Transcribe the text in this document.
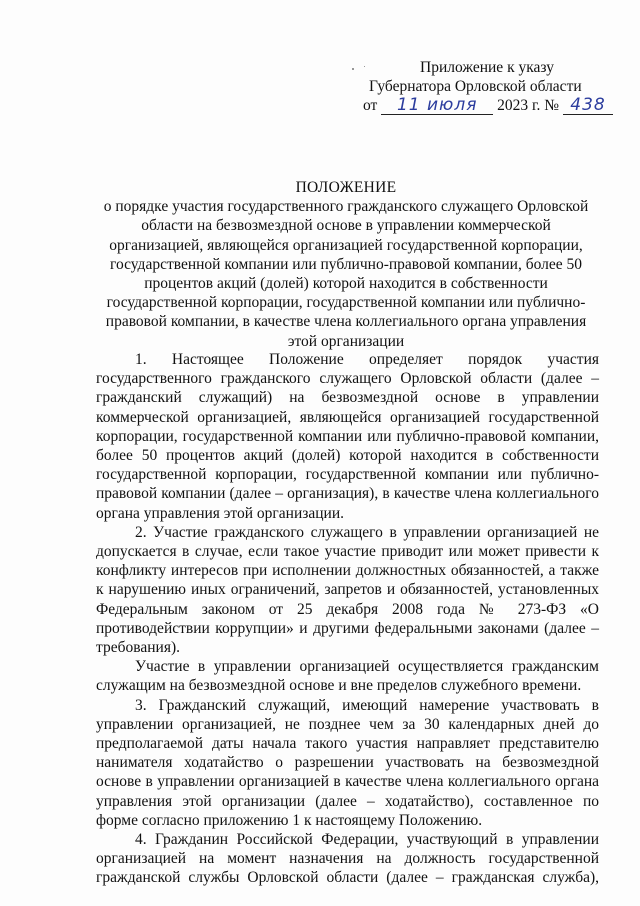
Приложение к указу
Губернатора Орловской области
от 11 июля 2023 г. № 438
ПОЛОЖЕНИЕ
о порядке участия государственного гражданского служащего Орловской области на безвозмездной основе в управлении коммерческой организацией, являющейся организацией государственной корпорации, государственной компании или публично-правовой компании, более 50 процентов акций (долей) которой находится в собственности государственной корпорации, государственной компании или публично-правовой компании, в качестве члена коллегиального органа управления этой организации

1. Настоящее Положение определяет порядок участия государственного гражданского служащего Орловской области (далее – гражданский служащий) на безвозмездной основе в управлении коммерческой организацией, являющейся организацией государственной корпорации, государственной компании или публично-правовой компании, более 50 процентов акций (долей) которой находится в собственности государственной корпорации, государственной компании или публично-правовой компании (далее – организация), в качестве члена коллегиального органа управления этой организации.

2. Участие гражданского служащего в управлении организацией не допускается в случае, если такое участие приводит или может привести к конфликту интересов при исполнении должностных обязанностей, а также к нарушению иных ограничений, запретов и обязанностей, установленных Федеральным законом от 25 декабря 2008 года № 273-ФЗ «О противодействии коррупции» и другими федеральными законами (далее – требования).

Участие в управлении организацией осуществляется гражданским служащим на безвозмездной основе и вне пределов служебного времени.

3. Гражданский служащий, имеющий намерение участвовать в управлении организацией, не позднее чем за 30 календарных дней до предполагаемой даты начала такого участия направляет представителю нанимателя ходатайство о разрешении участвовать на безвозмездной основе в управлении организацией в качестве члена коллегиального органа управления этой организации (далее – ходатайство), составленное по форме согласно приложению 1 к настоящему Положению.

4. Гражданин Российской Федерации, участвующий в управлении организацией на момент назначения на должность государственной гражданской службы Орловской области (далее – гражданская служба),
